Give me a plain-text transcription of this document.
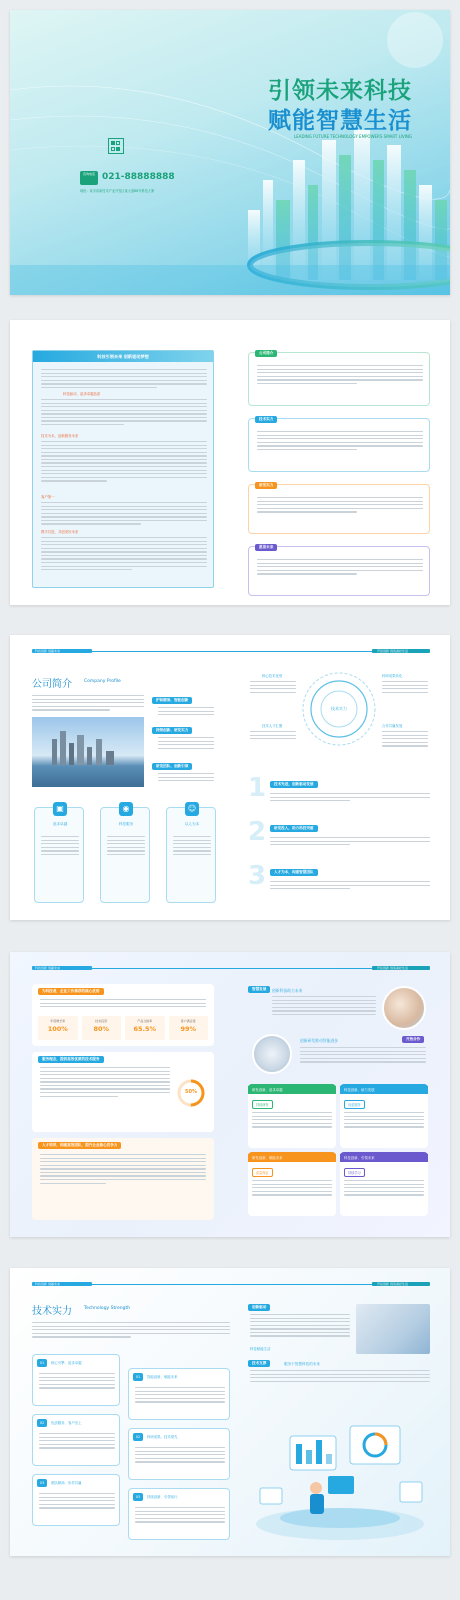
引领未来科技
赋能智慧生活
LEADING FUTURE TECHNOLOGY EMPOWERS SMART LIVING
咨询电话 021-88888888
地址：某市高新技术产业开发区某大道88号科技大厦
科技引领未来 创新驱动梦想
科技驱动，追求卓越品质
技术为本，创新服务未来
客户第一
携手共进，共创美好未来
公司简介
技术实力
研发实力
愿景未来
科技创新 创赢未来	开拓创新 创造美好生活
公司简介	Company Profile
护和精准、智能创新
持续创新、研发实力
研发团队、创新引领
▣
追求卓越
◉
科技服务
☺
以人为本
技术实力
核心技术优势	科研成果转化
技术人才汇聚	合作共赢发展
1	技术先进，创新驱动发展
2	研发投入，助力科技突破
3	人才为本，构建智慧团队
科技创新 创赢未来	开拓创新 创造美好生活
为科技者，企业工作推荐的核心优势
年度增长率
100%
技术投资
80%
产品合格率
65.5%
客户满意度
99%
服务理念，提供高效优质的技术服务
50%
人才培养，构建高效团队，提升企业核心竞争力
智慧发展	创新科技助力未来
开放合作
创新研发推动智能进步
研发创新、追求卓越
持续研发
科技创新、助力发展
优质服务
研发创新、赋能未来
质量保证
科技创新、引领未来
持续学习
科技创新 创赢未来	开拓创新 创造美好生活
技术实力	Technology Strength
01	核心引擎、追求卓越
02	优质服务、客户至上
03	团队精神、协作共赢
01	智能创新、赋能未来
02	科研成果、技术领先
03	持续创新、引领前行
创新驱动
科技赋能生活
技术支撑	服务于智慧科技的未来
